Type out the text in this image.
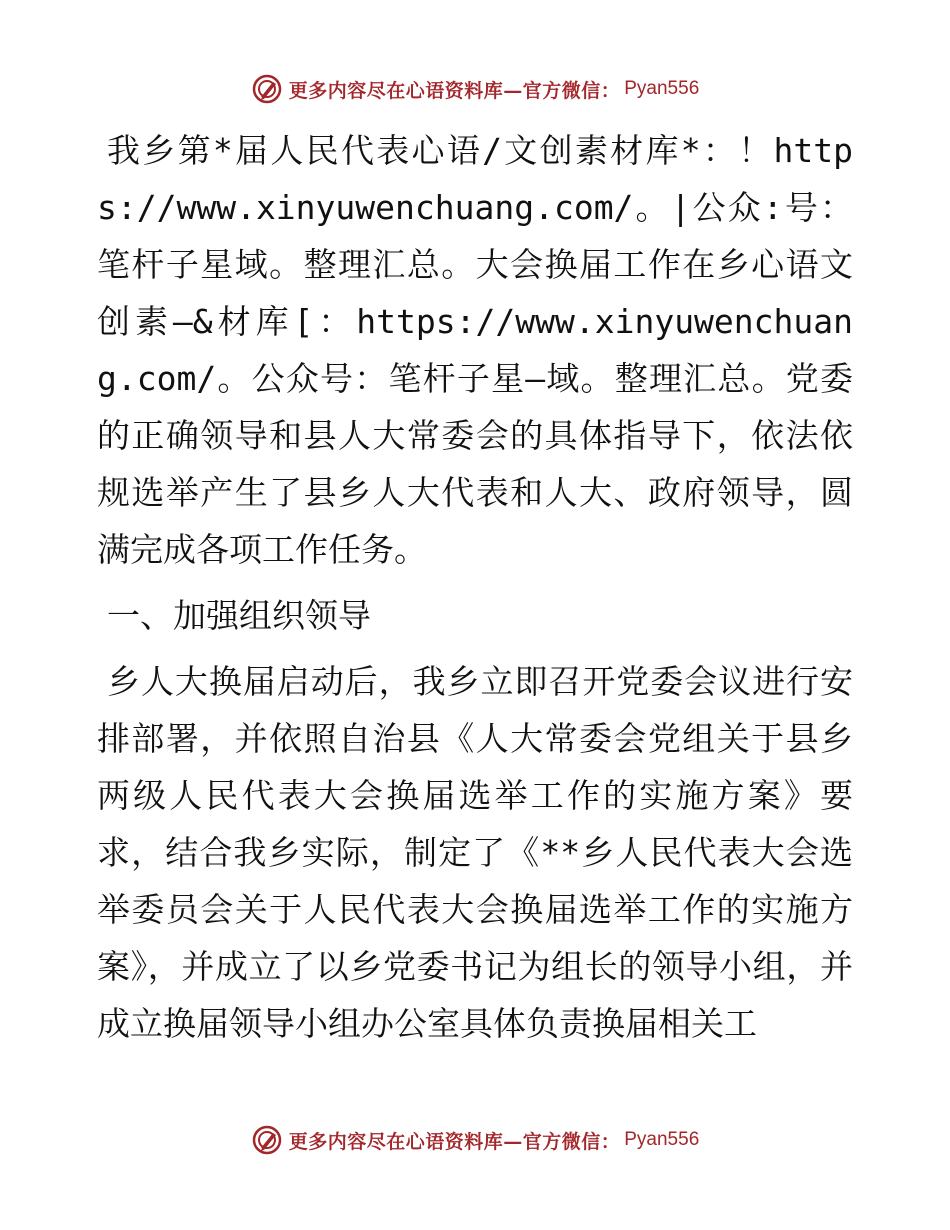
更多内容尽在心语资料库—官方微信： Pyan556

我乡第*届人民代表心语/文创素材库*：！https://www.xinyuwenchuang.com/。|公众:号：笔杆子星域。整理汇总。大会换届工作在乡心语文创素—&材库[：https://www.xinyuwenchuang.com/。公众号：笔杆子星—域。整理汇总。党委的正确领导和县人大常委会的具体指导下，依法依规选举产生了县乡人大代表和人大、政府领导，圆满完成各项工作任务。

一、加强组织领导

乡人大换届启动后，我乡立即召开党委会议进行安排部署，并依照自治县《人大常委会党组关于县乡两级人民代表大会换届选举工作的实施方案》要求，结合我乡实际，制定了《**乡人民代表大会选举委员会关于人民代表大会换届选举工作的实施方案》，并成立了以乡党委书记为组长的领导小组，并成立换届领导小组办公室具体负责换届相关工

更多内容尽在心语资料库—官方微信： Pyan556
